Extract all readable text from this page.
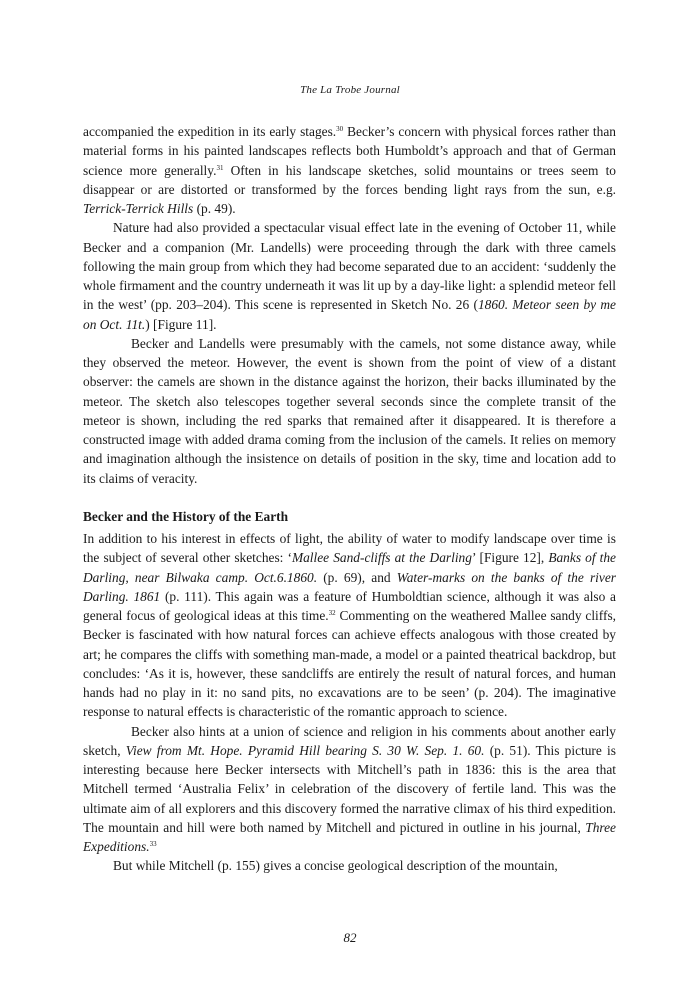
The La Trobe Journal

accompanied the expedition in its early stages.$^{30}$ Becker’s concern with physical forces rather than material forms in his painted landscapes reflects both Humboldt’s approach and that of German science more generally.$^{31}$ Often in his landscape sketches, solid mountains or trees seem to disappear or are distorted or transformed by the forces bending light rays from the sun, e.g. Terrick-Terrick Hills (p. 49).

Nature had also provided a spectacular visual effect late in the evening of October 11, while Becker and a companion (Mr. Landells) were proceeding through the dark with three camels following the main group from which they had become separated due to an accident: ‘suddenly the whole firmament and the country underneath it was lit up by a day-like light: a splendid meteor fell in the west’ (pp. 203–204). This scene is represented in Sketch No. 26 (1860. Meteor seen by me on Oct. 11t.) [Figure 11].

Becker and Landells were presumably with the camels, not some distance away, while they observed the meteor. However, the event is shown from the point of view of a distant observer: the camels are shown in the distance against the horizon, their backs illuminated by the meteor. The sketch also telescopes together several seconds since the complete transit of the meteor is shown, including the red sparks that remained after it disappeared. It is therefore a constructed image with added drama coming from the inclusion of the camels. It relies on memory and imagination although the insistence on details of position in the sky, time and location add to its claims of veracity.

Becker and the History of the Earth

In addition to his interest in effects of light, the ability of water to modify landscape over time is the subject of several other sketches: ‘Mallee Sand-cliffs at the Darling’ [Figure 12], Banks of the Darling, near Bilwaka camp. Oct.6.1860. (p. 69), and Water-marks on the banks of the river Darling. 1861 (p. 111). This again was a feature of Humboldtian science, although it was also a general focus of geological ideas at this time.$^{32}$ Commenting on the weathered Mallee sandy cliffs, Becker is fascinated with how natural forces can achieve effects analogous with those created by art; he compares the cliffs with something man-made, a model or a painted theatrical backdrop, but concludes: ‘As it is, however, these sandcliffs are entirely the result of natural forces, and human hands had no play in it: no sand pits, no excavations are to be seen’ (p. 204). The imaginative response to natural effects is characteristic of the romantic approach to science.

Becker also hints at a union of science and religion in his comments about another early sketch, View from Mt. Hope. Pyramid Hill bearing S. 30 W. Sep. 1. 60. (p. 51). This picture is interesting because here Becker intersects with Mitchell’s path in 1836: this is the area that Mitchell termed ‘Australia Felix’ in celebration of the discovery of fertile land. This was the ultimate aim of all explorers and this discovery formed the narrative climax of his third expedition. The mountain and hill were both named by Mitchell and pictured in outline in his journal, Three Expeditions.$^{33}$

But while Mitchell (p. 155) gives a concise geological description of the mountain,

82
